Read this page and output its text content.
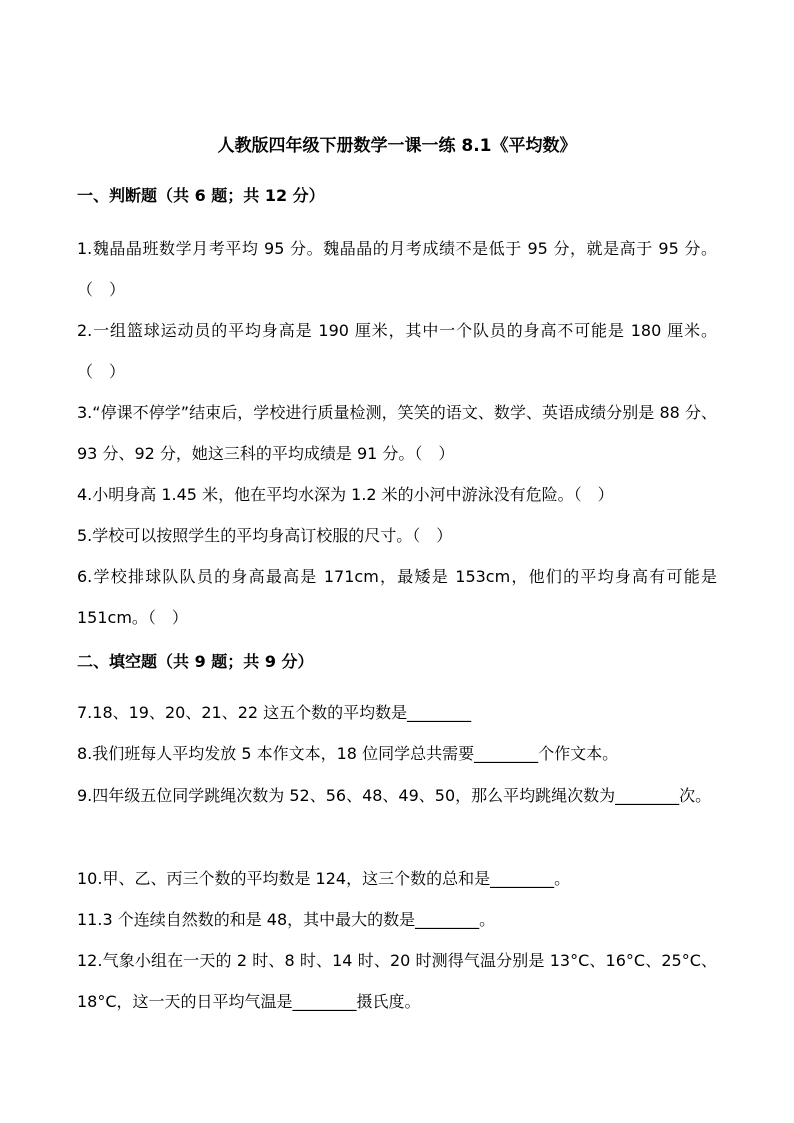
人教版四年级下册数学一课一练 8.1《平均数》
一、判断题（共 6 题；共 12 分）
1.魏晶晶班数学月考平均 95 分。魏晶晶的月考成绩不是低于 95 分，就是高于 95 分。（　）
2.一组篮球运动员的平均身高是 190 厘米，其中一个队员的身高不可能是 180 厘米。（　）
3.“停课不停学”结束后，学校进行质量检测，笑笑的语文、数学、英语成绩分别是 88 分、93 分、92 分，她这三科的平均成绩是 91 分。（　）
4.小明身高 1.45 米，他在平均水深为 1.2 米的小河中游泳没有危险。（　）
5.学校可以按照学生的平均身高订校服的尺寸。（　）
6.学校排球队队员的身高最高是 171cm，最矮是 153cm，他们的平均身高有可能是 151cm。（　）
二、填空题（共 9 题；共 9 分）
7.18、19、20、21、22 这五个数的平均数是________
8.我们班每人平均发放 5 本作文本，18 位同学总共需要________个作文本。
9.四年级五位同学跳绳次数为 52、56、48、49、50，那么平均跳绳次数为________次。
10.甲、乙、丙三个数的平均数是 124，这三个数的总和是________。
11.3 个连续自然数的和是 48，其中最大的数是________。
12.气象小组在一天的 2 时、8 时、14 时、20 时测得气温分别是 13°C、16°C、25°C、18°C，这一天的日平均气温是________摄氏度。
